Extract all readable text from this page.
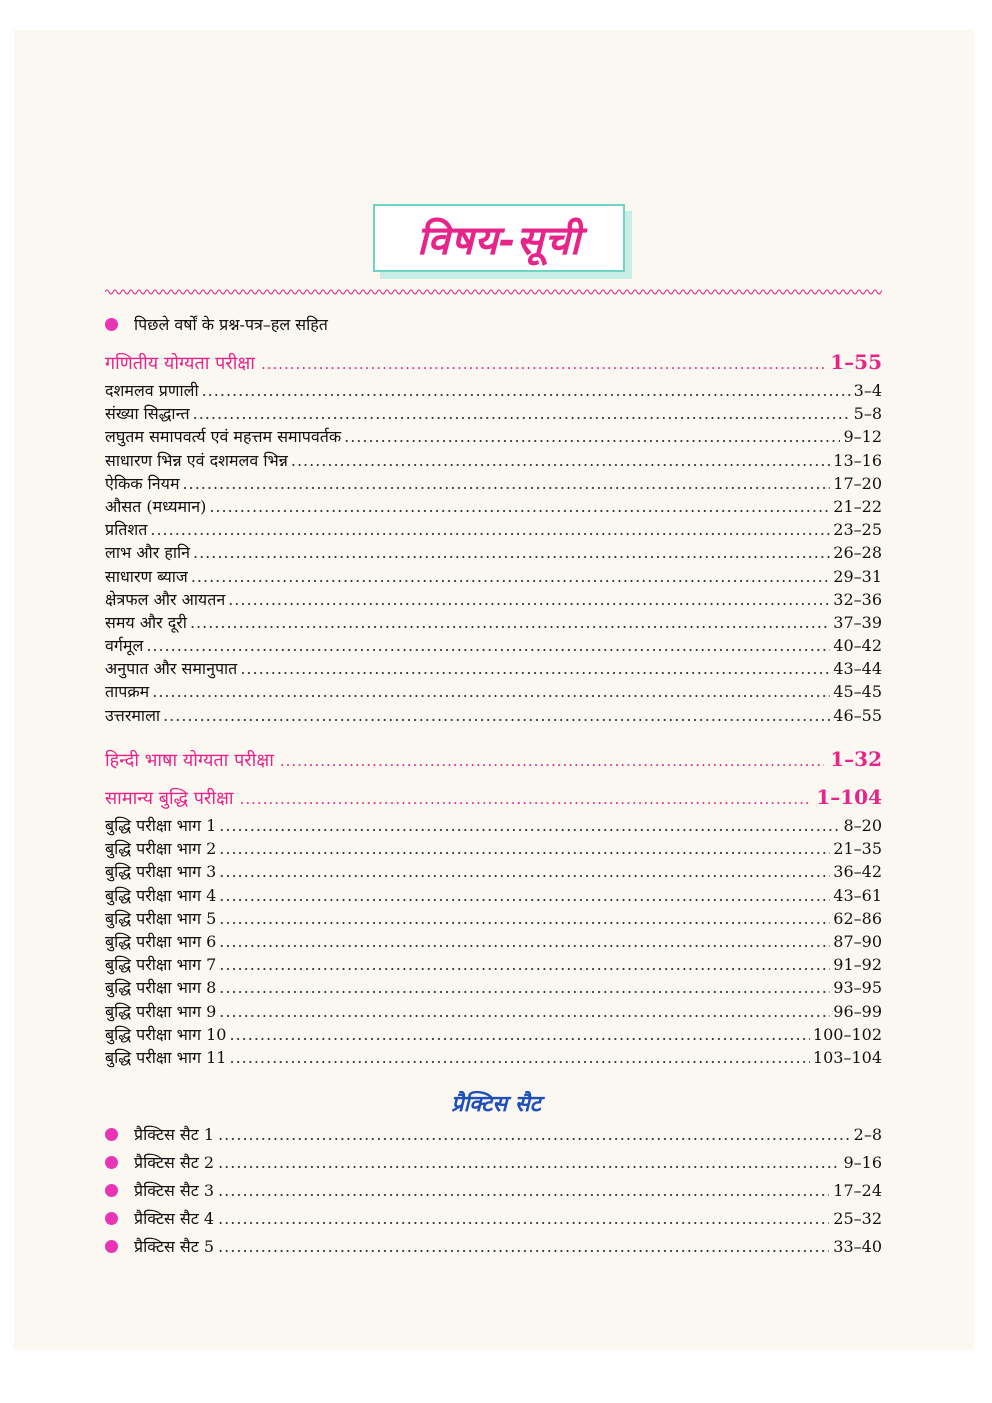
विषय-सूची
पिछले वर्षों के प्रश्न-पत्र–हल सहित
गणितीय योग्यता परीक्षा .....	1–55
दशमलव प्रणाली .....	3–4
संख्या सिद्धान्त .....	5–8
लघुतम समापवर्त्य एवं महत्तम समापवर्तक .....	9–12
साधारण भिन्न एवं दशमलव भिन्न .....	13–16
ऐकिक नियम .....	17–20
औसत (मध्यमान) .....	21–22
प्रतिशत .....	23–25
लाभ और हानि .....	26–28
साधारण ब्याज .....	29–31
क्षेत्रफल और आयतन .....	32–36
समय और दूरी .....	37–39
वर्गमूल .....	40–42
अनुपात और समानुपात .....	43–44
तापक्रम .....	45–45
उत्तरमाला .....	46–55
हिन्दी भाषा योग्यता परीक्षा .....	1–32
सामान्य बुद्धि परीक्षा .....	1–104
बुद्धि परीक्षा भाग 1 .....	8–20
बुद्धि परीक्षा भाग 2 .....	21–35
बुद्धि परीक्षा भाग 3 .....	36–42
बुद्धि परीक्षा भाग 4 .....	43–61
बुद्धि परीक्षा भाग 5 .....	62–86
बुद्धि परीक्षा भाग 6 .....	87–90
बुद्धि परीक्षा भाग 7 .....	91–92
बुद्धि परीक्षा भाग 8 .....	93–95
बुद्धि परीक्षा भाग 9 .....	96–99
बुद्धि परीक्षा भाग 10 .....	100–102
बुद्धि परीक्षा भाग 11 .....	103–104
प्रैक्टिस सैट
प्रैक्टिस सैट 1 .....	2–8
प्रैक्टिस सैट 2 .....	9–16
प्रैक्टिस सैट 3 .....	17–24
प्रैक्टिस सैट 4 .....	25–32
प्रैक्टिस सैट 5 .....	33–40
